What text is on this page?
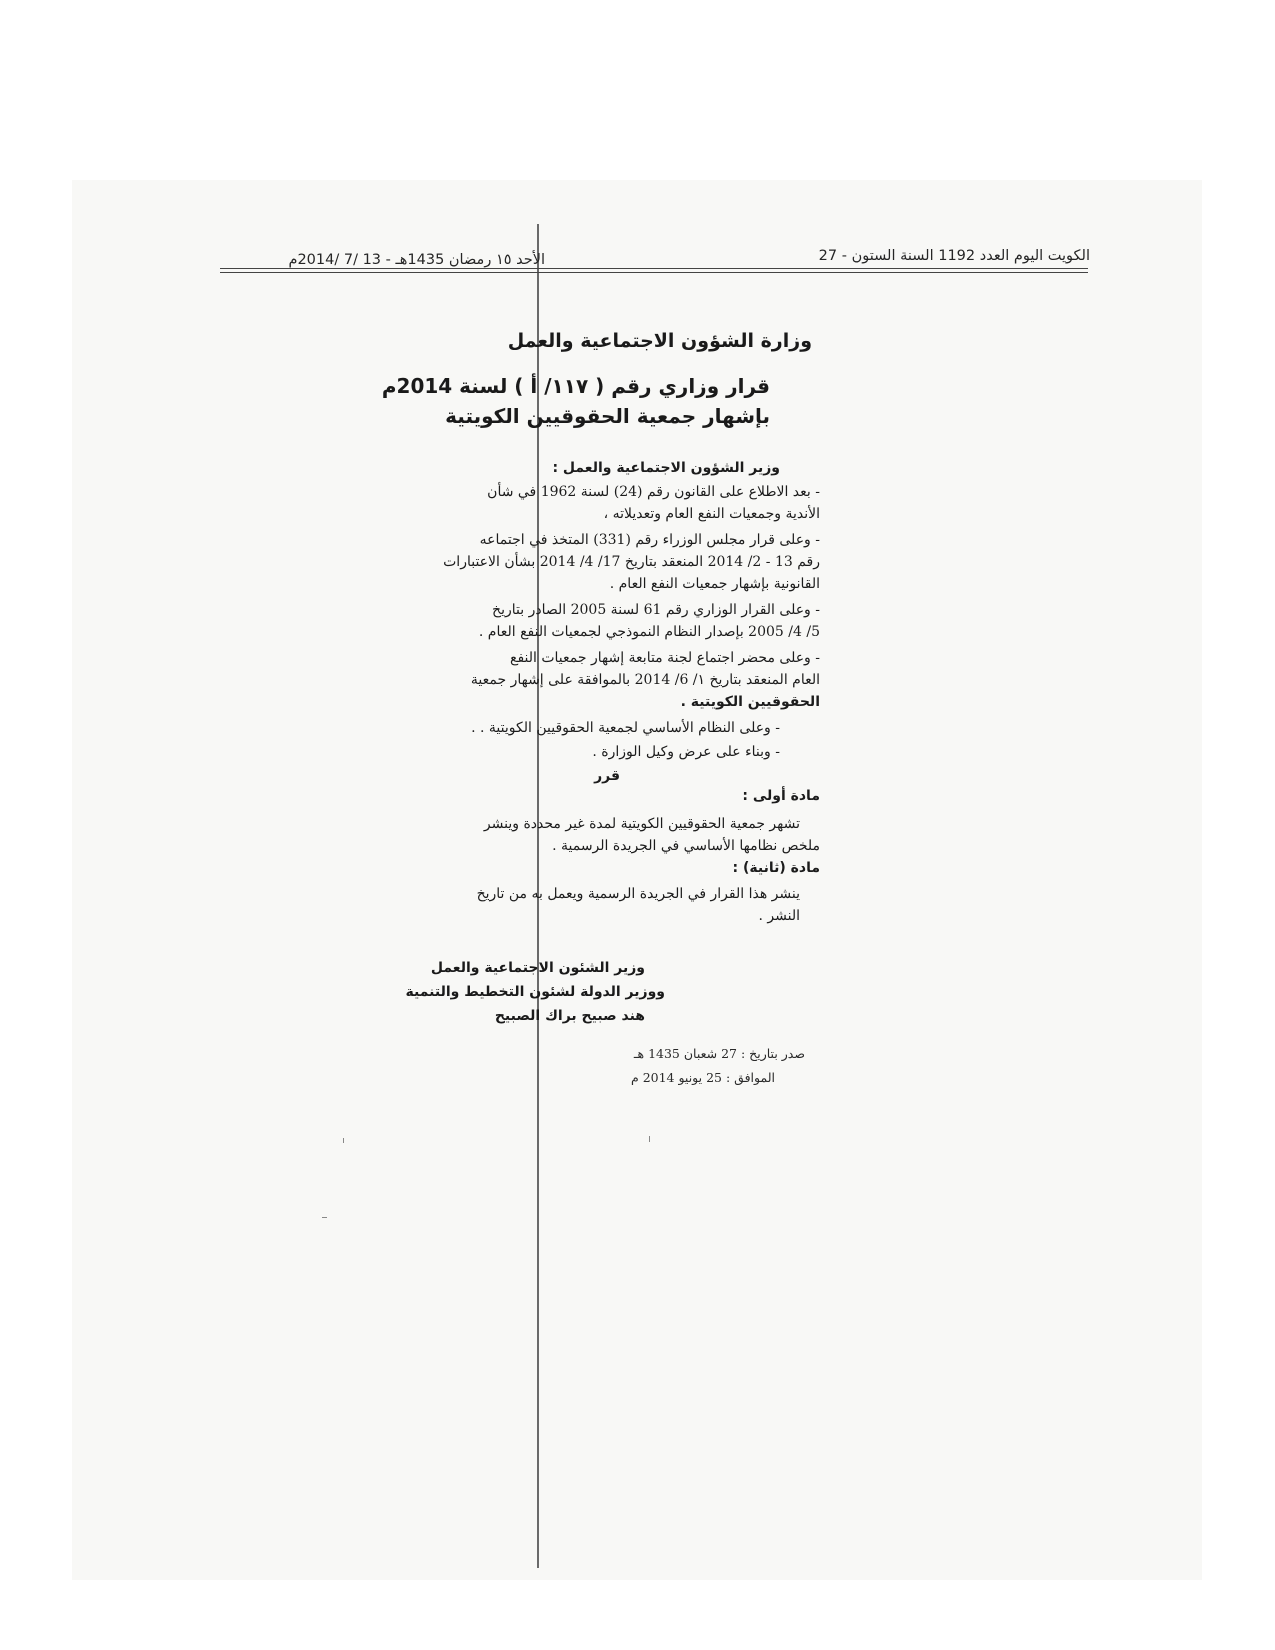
الأحد ١٥ رمضان 1435هـ - 13 /7 /2014م	الكويت اليوم العدد 1192 السنة الستون - 27
وزارة الشؤون الاجتماعية والعمل
قرار وزاري رقم ( ١١٧/ أ ) لسنة 2014م
بإشهار جمعية الحقوقيين الكويتية
وزير الشؤون الاجتماعية والعمل :
- بعد الاطلاع على القانون رقم (24) لسنة 1962 في شأن
الأندية وجمعيات النفع العام وتعديلاته ،
- وعلى قرار مجلس الوزراء رقم (331) المتخذ في اجتماعه
رقم 13 - 2/ 2014 المنعقد بتاريخ 17/ 4/ 2014 بشأن الاعتبارات
القانونية بإشهار جمعيات النفع العام .
- وعلى القرار الوزاري رقم 61 لسنة 2005 الصادر بتاريخ
5/ 4/ 2005 بإصدار النظام النموذجي لجمعيات النفع العام .
- وعلى محضر اجتماع لجنة متابعة إشهار جمعيات النفع
العام المنعقد بتاريخ ١/ 6/ 2014 بالموافقة على إشهار جمعية
الحقوقيين الكويتية .
- وعلى النظام الأساسي لجمعية الحقوقيين الكويتية . .
- وبناء على عرض وكيل الوزارة .
قرر
مادة أولى :
تشهر جمعية الحقوقيين الكويتية لمدة غير محددة وينشر
ملخص نظامها الأساسي في الجريدة الرسمية .
مادة (ثانية) :
ينشر هذا القرار في الجريدة الرسمية ويعمل به من تاريخ
النشر .
وزير الشئون الاجتماعية والعمل
ووزير الدولة لشئون التخطيط والتنمية
هند صبيح براك الصبيح
صدر بتاريخ : 27 شعبان 1435 هـ
الموافق : 25 يونيو 2014 م
